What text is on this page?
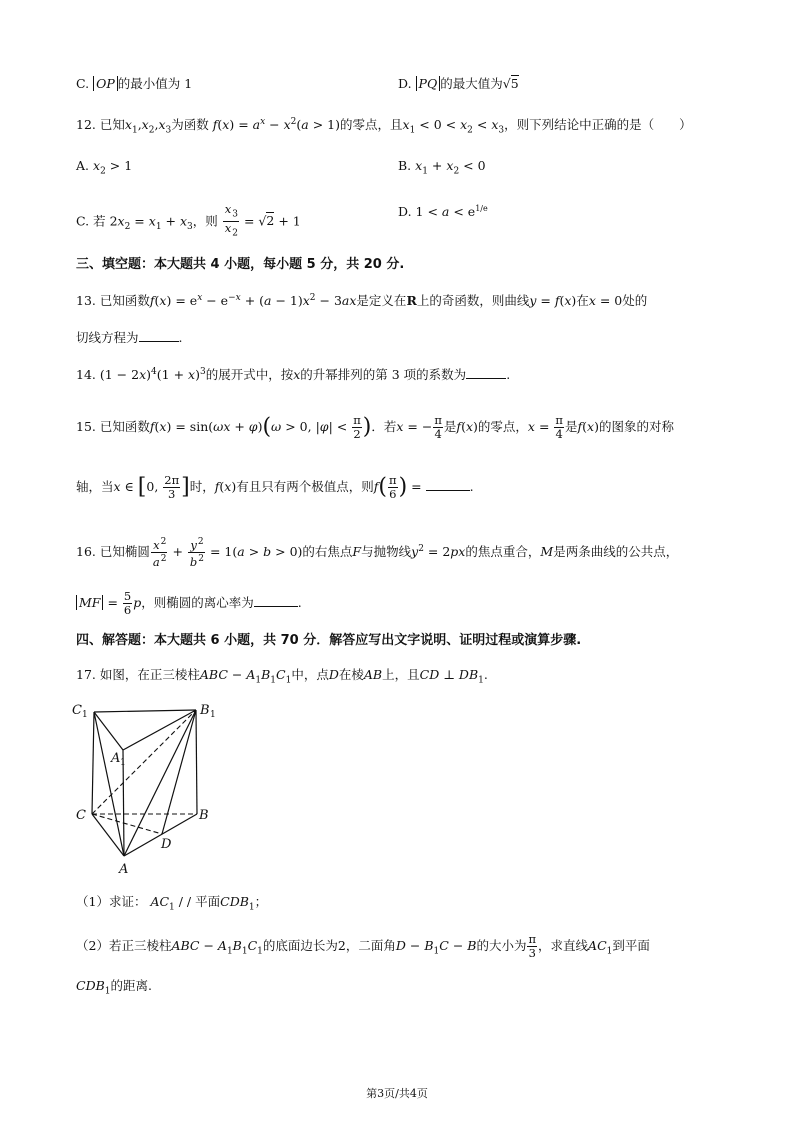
C. OP 的最小值为 1	D. PQ 的最大值为√5
12. 已知$x_1,x_2,x_3$为函数 $f(x) = a^x - x^2(a > 1)$的零点，且$x_1 < 0 < x_2 < x_3$，则下列结论中正确的是（　　）
A. $x_2 > 1$	B. $x_1 + x_2 < 0$
C. 若 $2x_2 = x_1 + x_3$，则 $\frac{x_3}{x_2} = √2 + 1$
D. $1 < a < e^{1/e}$
三、填空题：本大题共 4 小题，每小题 5 分，共 20 分.
13. 已知函数$f(x) = e^x - e^{-x} + (a - 1)x^2 - 3ax$是定义在R上的奇函数，则曲线y = f(x)在x = 0处的
切线方程为	.
14. $(1 - 2x)^4(1 + x)^3$的展开式中，按x的升幂排列的第 3 项的系数为	.
15. 已知函数f(x) = sin(ωx + φ)(ω > 0, $|\varphi| < \frac{\pi}{2}$ )．若x = − $\frac{\pi}{4}$ 是f(x)的零点，$x = \frac{\pi}{4}$ 是f(x)的图象的对称
轴，当x ∈ [0, $\frac{2\pi}{3}$ ]时，f(x)有且只有两个极值点，则$f( \frac{\pi}{6}$ ) =	.
16. 已知椭圆 $\frac{x^2}{a^2} + \frac{y^2}{b^2} = 1(a > b > 0)$的右焦点F与抛物线$y^2 = 2px$的焦点重合，M是两条曲线的公共点，
MF = $\frac{5}{6}$ p，则椭圆的离心率为	.
四、解答题：本大题共 6 小题，共 70 分．解答应写出文字说明、证明过程或演算步骤.
17. 如图，在正三棱柱ABC − $A_1B_1C_1$中，点D在棱AB上，且CD ⊥ $DB_1$.
C 1	B 1
A 1
C	B
D
A
（1）求证： $AC_1$ / / 平面$CDB_1$；
（2）若正三棱柱ABC − $A_1B_1C_1$的底面边长为2，二面角$D - B_1C - B$的大小为 $\frac{\pi}{3}$ ，求直线$AC_1$到平面
$CDB_1$的距离.
第3页/共4页
